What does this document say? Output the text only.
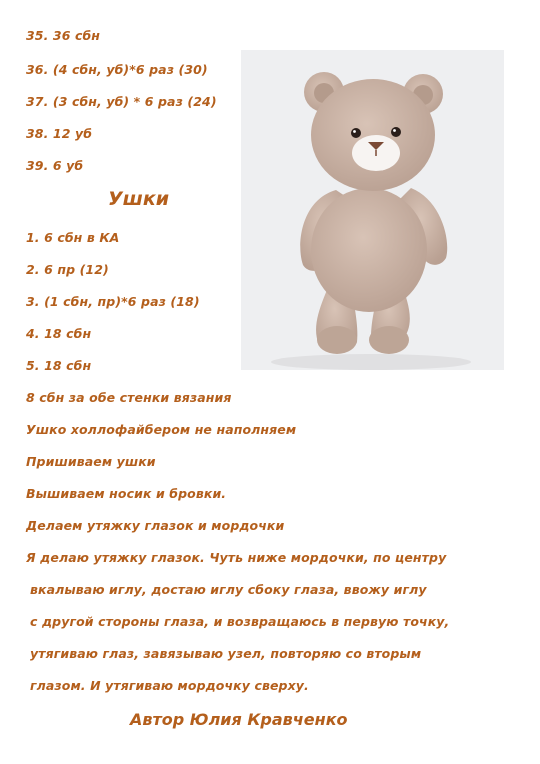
35. 36 сбн
36. (4 сбн, уб)*6 раз (30)
37. (3 сбн, уб) * 6 раз (24)
38. 12 уб
39. 6 уб
Ушки
1. 6 сбн в КА
2. 6 пр (12)
3. (1 сбн, пр)*6 раз (18)
4. 18 сбн
5. 18 сбн
8 сбн за обе стенки вязания
Ушко холлофайбером не наполняем
Пришиваем ушки
Вышиваем носик и бровки.
Делаем утяжку глазок и мордочки
Я делаю утяжку глазок. Чуть ниже мордочки, по центру
вкалываю иглу, достаю иглу сбоку глаза, ввожу иглу
с другой стороны глаза, и возвращаюсь в первую точку,
утягиваю глаз, завязываю узел, повторяю со вторым
глазом. И утягиваю мордочку сверху.
Автор Юлия Кравченко
